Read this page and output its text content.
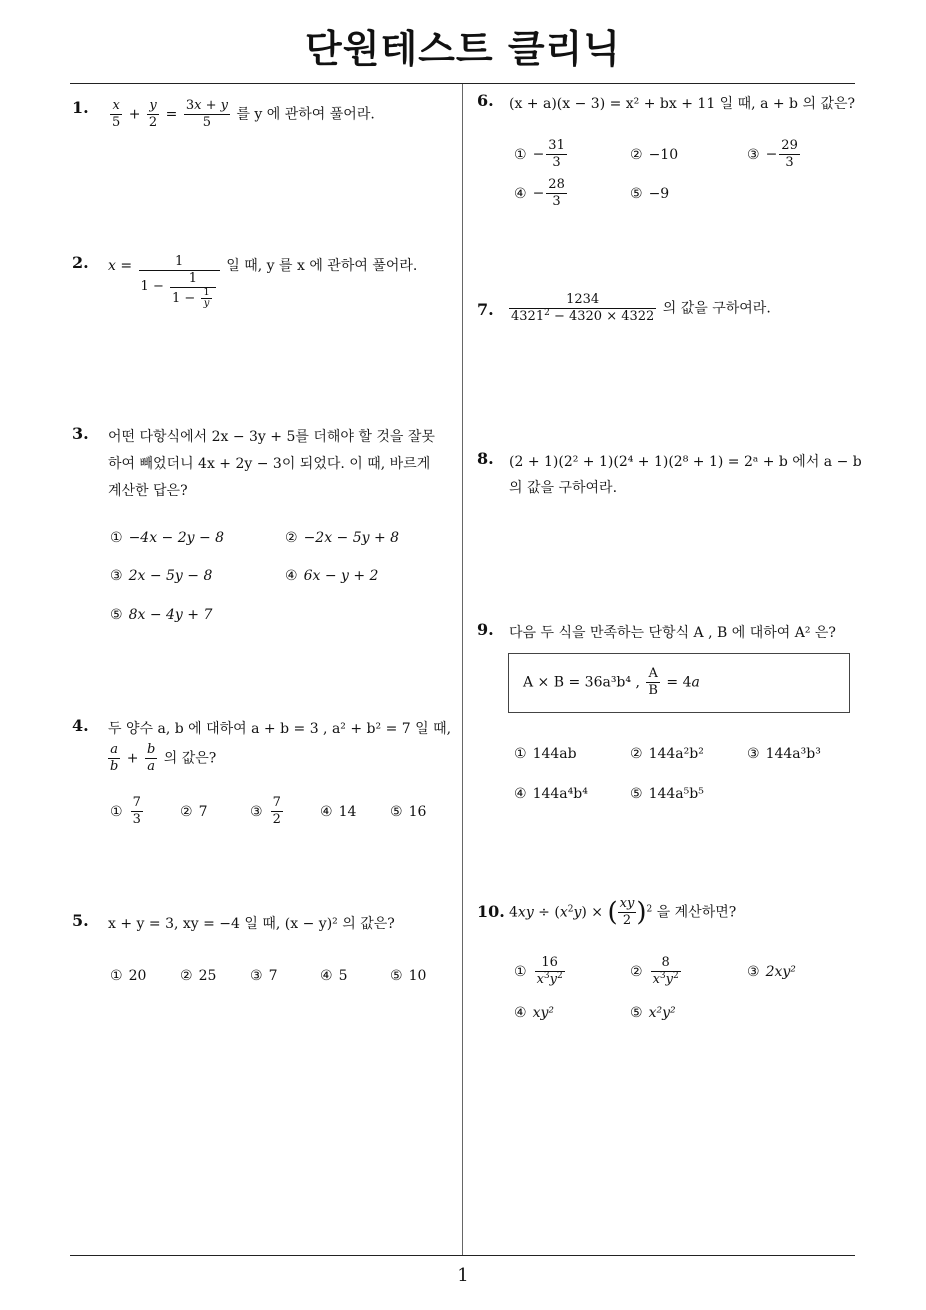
단원테스트 클리닉
1
1. $\frac{x}{5} + \frac{y}{2} = \frac{3x + y}{5}$ 를 y 에 관하여 풀어라.
2. $x = \frac{1}{1 - \frac{1}{1 - \frac{1}{y}}}$ 일 때, y 를 x 에 관하여 풀어라.
3. 어떤 다항식에서 2x − 3y + 5를 더해야 할 것을 잘못
하여 빼었더니 4x + 2y − 3이 되었다. 이 때, 바르게
계산한 답은?
① −4x − 2y − 8	② −2x − 5y + 8
③ 2x − 5y − 8	④ 6x − y + 2
⑤ 8x − 4y + 7
4. 두 양수 a, b 에 대하여 a + b = 3 , a² + b² = 7 일 때,
$\frac{a}{b} + \frac{b}{a}$ 의 값은?
① $\frac{7}{3}$	② 7	③ $\frac{7}{2}$	④ 14 ⑤ 16
5. x + y = 3, xy = −4 일 때, (x − y)² 의 값은?
① 20 ② 25 ③ 7	④ 5	⑤ 10
6. (x + a)(x − 3) = x² + bx + 11 일 때, a + b 의 값은?
① − $\frac{31}{3}$	② −10	③ − $\frac{29}{3}$
④ − $\frac{28}{3}$	⑤ −9
7. $\frac{1234}{4321^2 - 4320 \times 4322}$ 의 값을 구하여라.
8. (2 + 1)(2² + 1)(2⁴ + 1)(2⁸ + 1) = 2ᵃ + b 에서 a − b
의 값을 구하여라.
9. 다음 두 식을 만족하는 단항식 A , B 에 대하여 A² 은?
A × B = 36a³b⁴ , $\frac{A}{B} = 4a$
① 144ab	② 144a²b²	③ 144a³b³
④ 144a⁴b⁴	⑤ 144a⁵b⁵
10. $4xy \div (x^2y)$ × ( $\frac{xy}{2} )^2$ 을 계산하면?
① $\frac{16}{x^3y^2}$	② $\frac{8}{x^3y^2}$	③ 2xy²
④ xy²	⑤ x²y²
